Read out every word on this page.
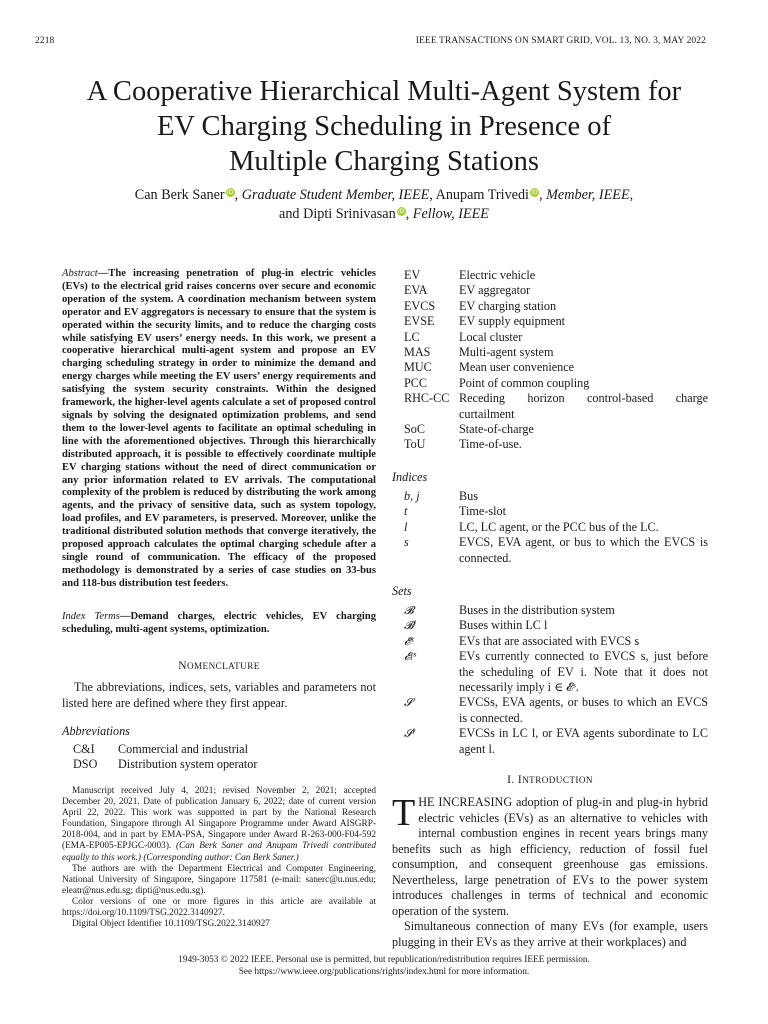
2218	IEEE TRANSACTIONS ON SMART GRID, VOL. 13, NO. 3, MAY 2022
A Cooperative Hierarchical Multi-Agent System for
EV Charging Scheduling in Presence of
Multiple Charging Stations
Can Berk Saner iD, Graduate Student Member, IEEE, Anupam Trivedi iD, Member, IEEE,
and Dipti Srinivasan iD, Fellow, IEEE
Abstract—The increasing penetration of plug-in electric vehicles (EVs) to the electrical grid raises concerns over secure and economic operation of the system. A coordination mechanism between system operator and EV aggregators is necessary to ensure that the system is operated within the security limits, and to reduce the charging costs while satisfying EV users’ energy needs. In this work, we present a cooperative hierarchical multi-agent system and propose an EV charging scheduling strategy in order to minimize the demand and energy charges while meeting the EV users’ energy requirements and satisfying the system security constraints. Within the designed framework, the higher-level agents calculate a set of proposed control signals by solving the designated optimization problems, and send them to the lower-level agents to facilitate an optimal scheduling in line with the aforementioned objectives. Through this hierarchically distributed approach, it is possible to effectively coordinate multiple EV charging stations without the need of direct communication or any prior information related to EV arrivals. The computational complexity of the problem is reduced by distributing the work among agents, and the privacy of sensitive data, such as system topology, load profiles, and EV parameters, is preserved. Moreover, unlike the traditional distributed solution methods that converge iteratively, the proposed approach calculates the optimal charging schedule after a single round of communication. The efficacy of the proposed methodology is demonstrated by a series of case studies on 33-bus and 118-bus distribution test feeders.
Index Terms—Demand charges, electric vehicles, EV charging scheduling, multi-agent systems, optimization.
NOMENCLATURE
The abbreviations, indices, sets, variables and parameters not listed here are defined where they first appear.
Abbreviations
C&I	Commercial and industrial
DSO	Distribution system operator

Manuscript received July 4, 2021; revised November 2, 2021; accepted December 20, 2021. Date of publication January 6, 2022; date of current version April 22, 2022. This work was supported in part by the National Research Foundation, Singapore through AI Singapore Programme under Award AISGRP-2018-004, and in part by EMA-PSA, Singapore under Award R-263-000-F04-592 (EMA-EP005-EPJGC-0003). (Can Berk Saner and Anupam Trivedi contributed equally to this work.) (Corresponding author: Can Berk Saner.)

The authors are with the Department Electrical and Computer Engineering, National University of Singapore, Singapore 117581 (e-mail: sanerc@u.nus.edu; eleatr@nus.edu.sg; dipti@nus.edu.sg).

Color versions of one or more figures in this article are available at https://doi.org/10.1109/TSG.2022.3140927.

Digital Object Identifier 10.1109/TSG.2022.3140927

EV	Electric vehicle
EVA	EV aggregator
EVCS	EV charging station
EVSE	EV supply equipment
LC	Local cluster
MAS	Multi-agent system
MUC	Mean user convenience
PCC	Point of common coupling
RHC-CC Receding horizon control-based charge curtailment
SoC	State-of-charge
ToU	Time-of-use.
Indices
b, j	Bus
t	Time-slot
l	LC, LC agent, or the PCC bus of the LC.
s	EVCS, EVA agent, or bus to which the EVCS is connected.
Sets
𝓑	Buses in the distribution system
𝓑ˡ	Buses within LC l
𝓔ˢ	EVs that are associated with EVCS s
𝓔ₗˢ	EVs currently connected to EVCS s, just before the scheduling of EV i. Note that it does not necessarily imply i ∈ 𝓔ˢ.
𝓢	EVCSs, EVA agents, or buses to which an EVCS is connected.
𝓢ˡ	EVCSs in LC l, or EVA agents subordinate to LC agent l.
I. INTRODUCTION

THE INCREASING adoption of plug-in and plug-in hybrid electric vehicles (EVs) as an alternative to vehicles with internal combustion engines in recent years brings many benefits such as high efficiency, reduction of fossil fuel consumption, and consequent greenhouse gas emissions. Nevertheless, large penetration of EVs to the power system introduces challenges in terms of technical and economic operation of the system.

Simultaneous connection of many EVs (for example, users plugging in their EVs as they arrive at their workplaces) and

1949-3053 © 2022 IEEE. Personal use is permitted, but republication/redistribution requires IEEE permission.
See https://www.ieee.org/publications/rights/index.html for more information.
